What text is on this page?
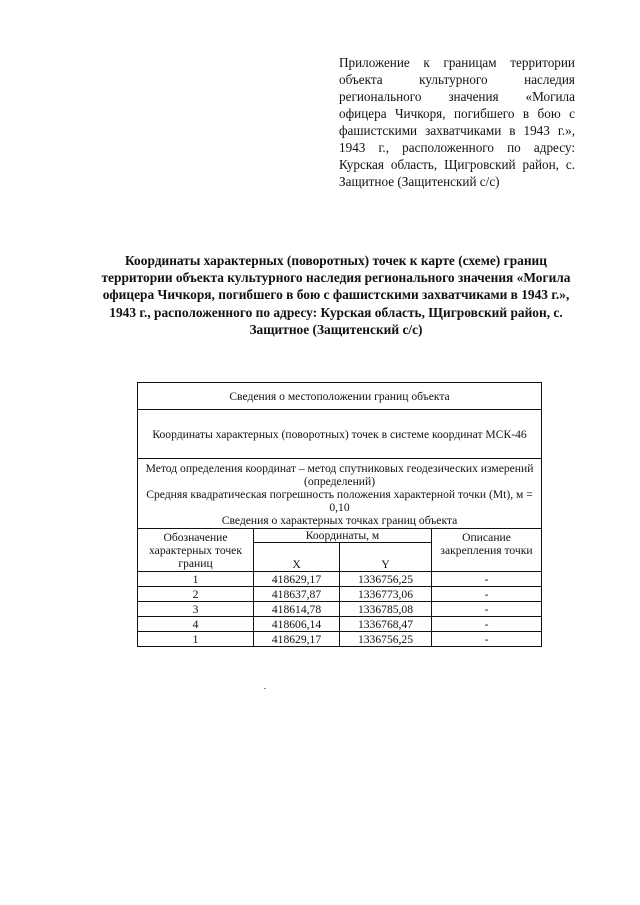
Приложение к границам территории объекта культурного наследия регионального значения «Могила офицера Чичкоря, погибшего в бою с фашистскими захватчиками в 1943 г.», 1943 г., расположенного по адресу: Курская область, Щигровский район, с. Защитное (Защитенский с/с)

Координаты характерных (поворотных) точек к карте (схеме) границ территории объекта культурного наследия регионального значения «Могила офицера Чичкоря, погибшего в бою с фашистскими захватчиками в 1943 г.», 1943 г., расположенного по адресу: Курская область, Щигровский район, с. Защитное (Защитенский с/с)
Сведения о местоположении границ объекта			
Координаты характерных (поворотных) точек в системе координат МСК-46			

Метод определения координат – метод спутниковых геодезических измерений (определений)
Средняя квадратическая погрешность положения характерной точки (Mt), м = 0,10
Сведения о характерных точках границ объекта			

Обозначение характерных точек границ	Координаты, м		Описание закрепления точки
	X	Y	
1	418629,17	1336756,25	-
2	418637,87	1336773,06	-
3	418614,78	1336785,08	-
4	418606,14	1336768,47	-
1	418629,17	1336756,25	-
